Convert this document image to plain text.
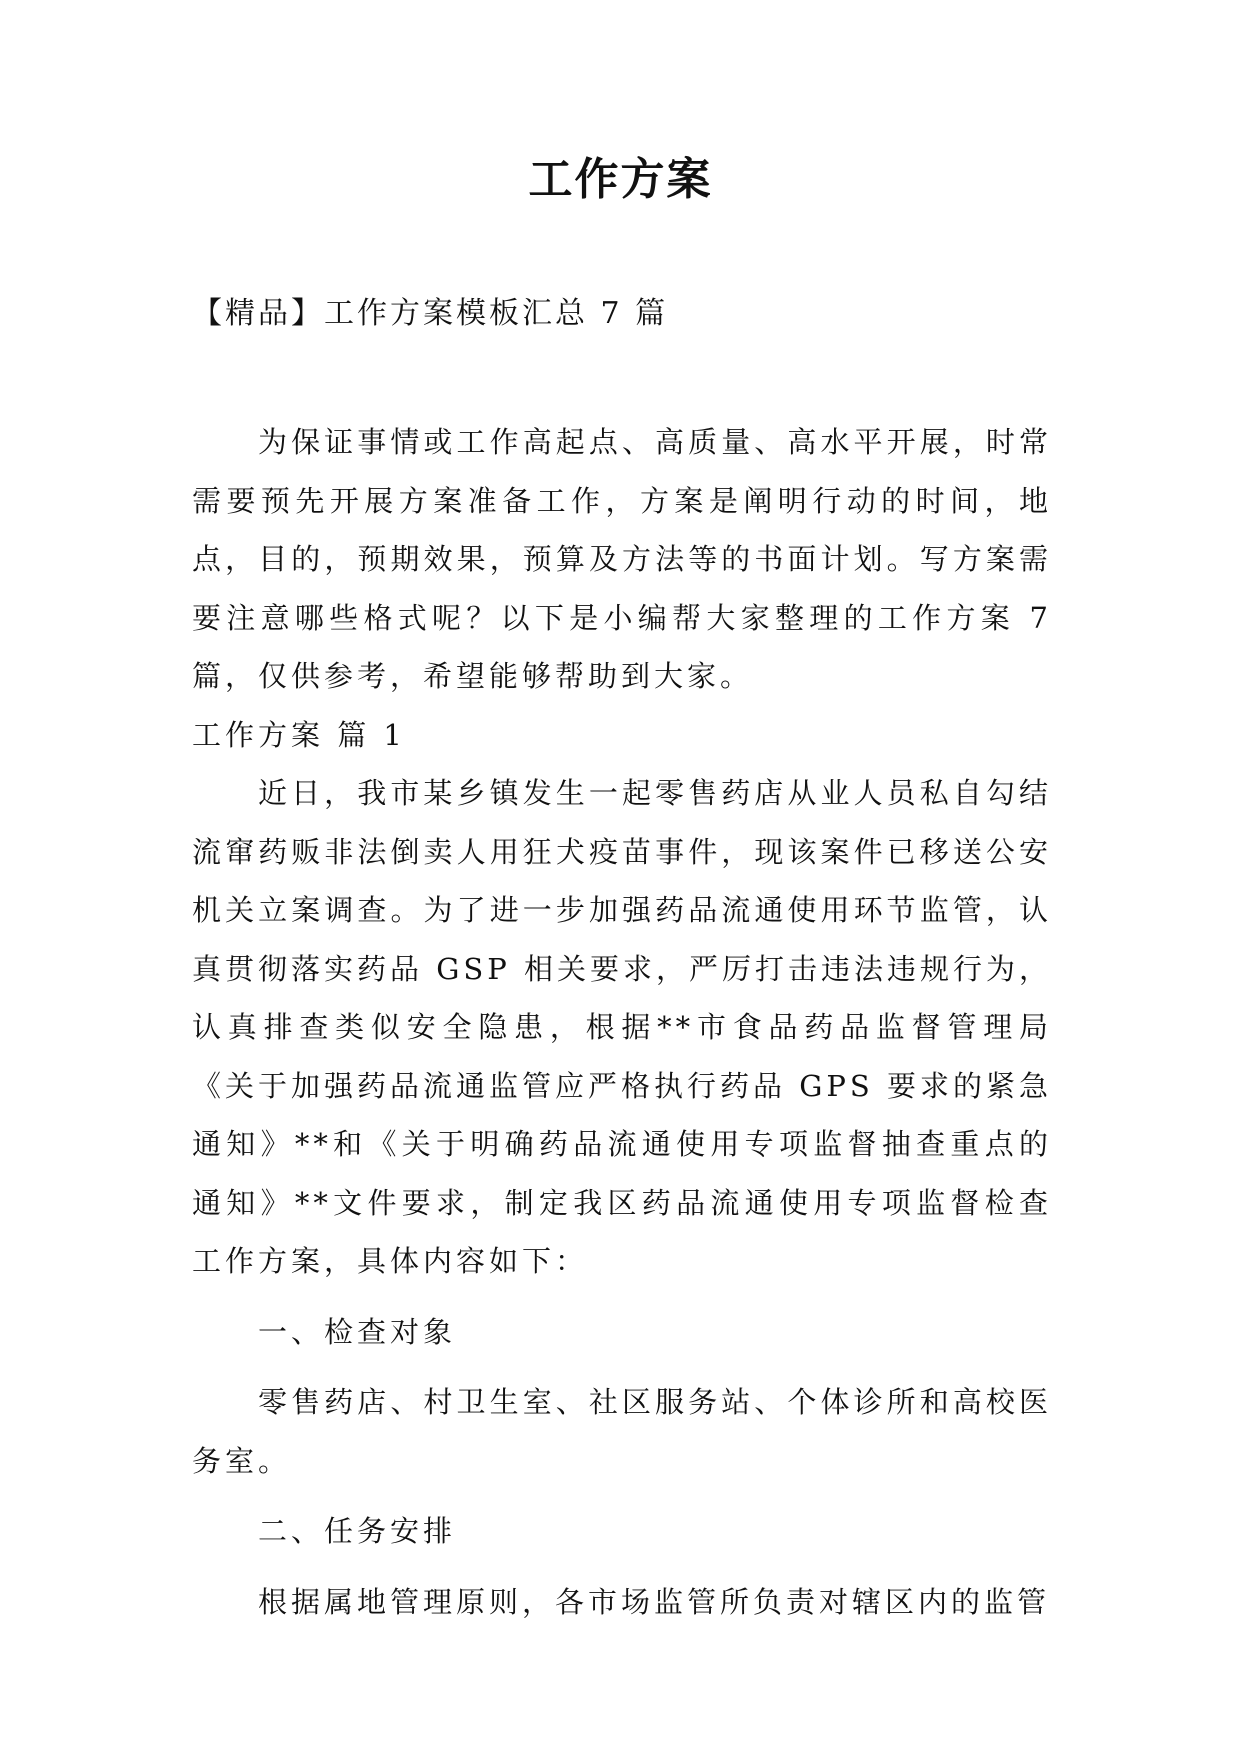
工作方案
【精品】工作方案模板汇总 7 篇

为保证事情或工作高起点、高质量、高水平开展，时常需要预先开展方案准备工作，方案是阐明行动的时间，地点，目的，预期效果，预算及方法等的书面计划。写方案需要注意哪些格式呢？以下是小编帮大家整理的工作方案 7 篇，仅供参考，希望能够帮助到大家。

工作方案 篇 1

近日，我市某乡镇发生一起零售药店从业人员私自勾结流窜药贩非法倒卖人用狂犬疫苗事件，现该案件已移送公安机关立案调查。为了进一步加强药品流通使用环节监管，认真贯彻落实药品 GSP 相关要求，严厉打击违法违规行为，认真排查类似安全隐患，根据**市食品药品监督管理局《关于加强药品流通监管应严格执行药品 GPS 要求的紧急通知》**和《关于明确药品流通使用专项监督抽查重点的通知》**文件要求，制定我区药品流通使用专项监督检查工作方案，具体内容如下：

一、检查对象

零售药店、村卫生室、社区服务站、个体诊所和高校医务室。

二、任务安排

根据属地管理原则，各市场监管所负责对辖区内的监管
